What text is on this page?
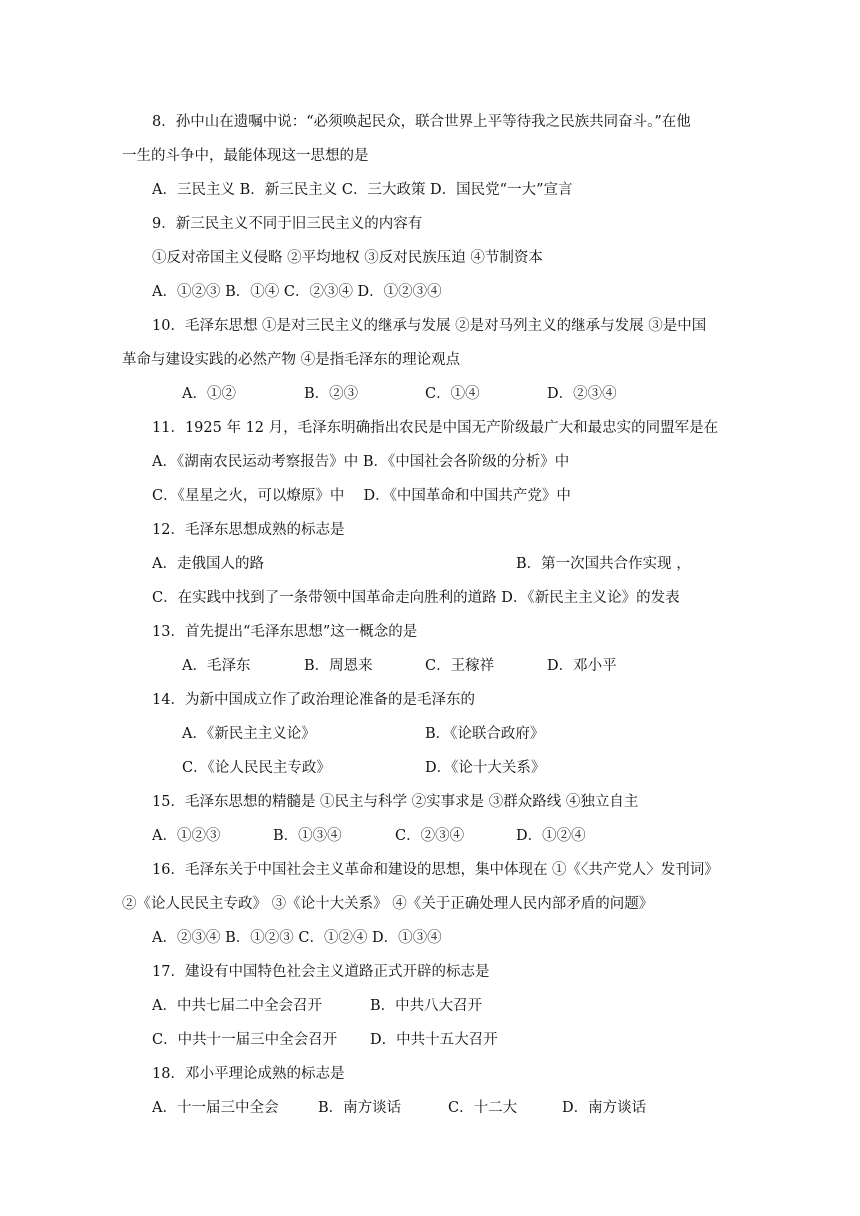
8．孙中山在遗嘱中说：“必须唤起民众，联合世界上平等待我之民族共同奋斗。”在他
一生的斗争中，最能体现这一思想的是
A．三民主义 B．新三民主义 C．三大政策 D．国民党“一大”宣言
9．新三民主义不同于旧三民主义的内容有
①反对帝国主义侵略 ②平均地权 ③反对民族压迫 ④节制资本
A．①②③ B．①④ C．②③④ D．①②③④
10．毛泽东思想 ①是对三民主义的继承与发展 ②是对马列主义的继承与发展 ③是中国
革命与建设实践的必然产物 ④是指毛泽东的理论观点
A．①②	B．②③	C．①④	D．②③④
11．1925 年 12 月，毛泽东明确指出农民是中国无产阶级最广大和最忠实的同盟军是在
A．《湖南农民运动考察报告》中 B．《中国社会各阶级的分析》中
C．《星星之火，可以燎原》中　 D．《中国革命和中国共产党》中
12．毛泽东思想成熟的标志是
A．走俄国人的路	B．第一次国共合作实现 ，
C．在实践中找到了一条带领中国革命走向胜利的道路 D．《新民主主义论》的发表
13．首先提出“毛泽东思想”这一概念的是
A．毛泽东	B．周恩来	C．王稼祥	D．邓小平
14．为新中国成立作了政治理论准备的是毛泽东的
A．《新民主主义论》	B．《论联合政府》
C．《论人民民主专政》	D．《论十大关系》
15．毛泽东思想的精髓是 ①民主与科学 ②实事求是 ③群众路线 ④独立自主
A．①②③	B．①③④	C．②③④	D．①②④
16．毛泽东关于中国社会主义革命和建设的思想，集中体现在 ①《〈共产党人〉发刊词》
②《论人民民主专政》 ③《论十大关系》 ④《关于正确处理人民内部矛盾的问题》
A．②③④ B．①②③ C．①②④ D．①③④
17．建设有中国特色社会主义道路正式开辟的标志是
A．中共七届二中全会召开	B．中共八大召开
C．中共十一届三中全会召开 D．中共十五大召开
18．邓小平理论成熟的标志是
A．十一届三中全会	B．南方谈话	C．十二大	D．南方谈话
